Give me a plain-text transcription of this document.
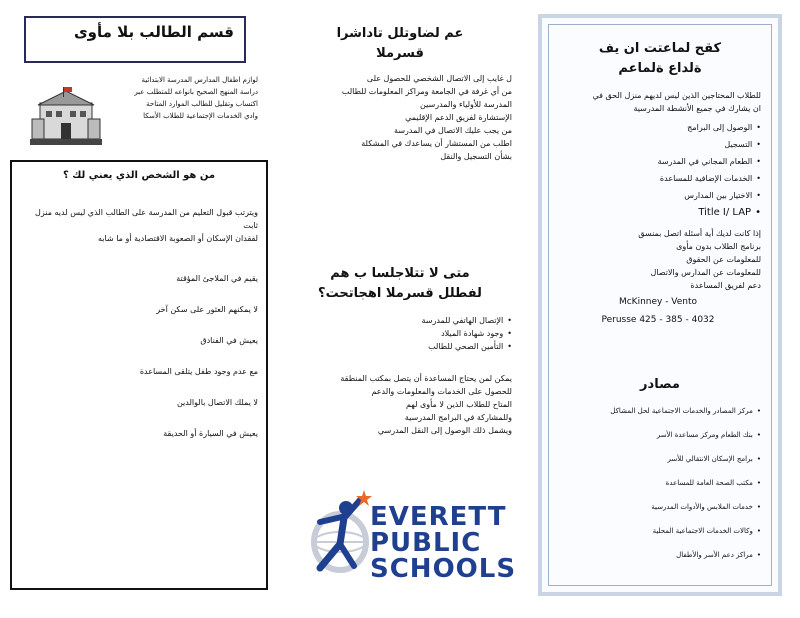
قسم الطالب بلا مأوى
لوازم اطفال المدارس المدرسة الابتدائية
دراسة المنهج الصحيح بانواعه للمتطلب عبر
اكتساب وتقليل للطالب الموارد المتاحة
وادي الخدمات الإجتماعية للطلاب الأسكا
من هو الشخص الذي يعني لك ؟
ويترتب قبول التعليم من المدرسة على الطالب الذي ليس لديه منزل ثابت
لفقدان الإسكان أو الصعوبة الاقتصادية أو ما شابه
يقيم في الملاجئ المؤقتة
لا يمكنهم العثور على سكن آخر
يعيش في الفنادق
مع عدم وجود طفل يتلقى المساعدة
لا يملك الاتصال بالوالدين
يعيش في السيارة أو الحديقة
عم لضاوتلل تاداشرا
قسرملا
ل غايب إلى الاتصال الشخصي للحصول على
من أي غرفة في الجامعة ومراكز المعلومات للطالب
المدرسة للأولياء والمدرسين
الإستشارة لفريق الدعم الإقليمي
من يجب عليك الاتصال في المدرسة
اطلب من المستشار أن يساعدك في المشكلة
بشأن التسجيل والنقل
متى لا تتلاجلسا ب هم
لفطلل قسرملا اهجاتحت؟
• الإتصال الهاتفي للمدرسة
• وجود شهادة الميلاد
• التأمين الصحي للطالب
يمكن لمن يحتاج المساعدة أن يتصل بمكتب المنطقة
للحصول على الخدمات والمعلومات والدعم
المتاح للطلاب الذين لا مأوى لهم
وللمشاركة في البرامج المدرسية
ويشمل ذلك الوصول إلى النقل المدرسي
EVERETT
PUBLIC
SCHOOLS
كقح لماعتت ان يف
ةلداع ةلماعم
للطلاب المحتاجين الذين ليس لديهم منزل الحق في
ان يشارك في جميع الأنشطة المدرسية
• الوصول إلى البرامج
• التسجيل
• الطعام المجاني في المدرسة
• الخدمات الإضافية للمساعدة
• الاختيار بين المدارس
• Title I/ LAP
إذا كانت لديك أية أسئلة اتصل بمنسق
برنامج الطلاب بدون مأوى
للمعلومات عن الحقوق
للمعلومات عن المدارس والاتصال
دعم لفريق المساعدة
McKinney - Vento
Perusse 425 - 385 - 4032
مصادر
• مركز المصادر والخدمات الاجتماعية لحل المشاكل
• بنك الطعام ومركز مساعدة الأسر
• برامج الإسكان الانتقالي للأسر
• مكتب الصحة العامة للمساعدة
• خدمات الملابس والأدوات المدرسية
• وكالات الخدمات الاجتماعية المحلية
• مراكز دعم الأسر والأطفال
